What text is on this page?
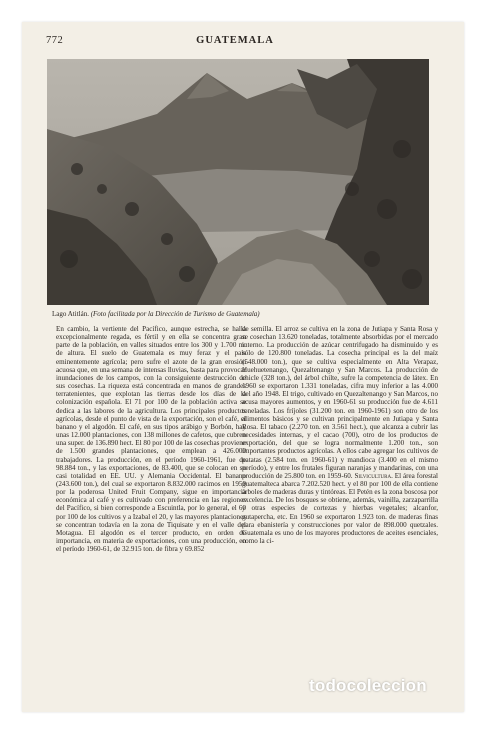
772	GUATEMALA
Lago Atitlán. (Foto facilitada por la Dirección de Turismo de Guatemala)
En cambio, la vertiente del Pacífico, aunque estrecha, se halla excepcionalmente regada, es fértil y en ella se concentra gran parte de la población, en valles situados entre los 300 y 1.700 m. de altura. El suelo de Guatemala es muy feraz y el país eminentemente agrícola; pero sufre el azote de la gran erosión acuosa que, en una semana de intensas lluvias, basta para provocar inundaciones de los campos, con la consiguiente destrucción de sus cosechas. La riqueza está concentrada en manos de grandes terratenientes, que explotan las tierras desde los días de la colonización española. El 71 por 100 de la población activa se dedica a las labores de la agricultura. Los principales productos agrícolas, desde el punto de vista de la exportación, son el café, el banano y el algodón. El café, en sus tipos arábigo y Borbón, hay unas 12.000 plantaciones, con 138 millones de cafetos, que cubren una super. de 136.890 hect. El 80 por 100 de las cosechas proviene de 1.500 grandes plantaciones, que emplean a 426.000 trabajadores. La producción, en el período 1960-1961, fue de 98.884 ton., y las exportaciones, de 83.400, que se colocan en su casi totalidad en EE. UU. y Alemania Occidental. El banano (243.600 ton.), del cual se exportaron 8.832.000 racimos en 1959 por la poderosa United Fruit Company, sigue en importancia económica al café y es cultivado con preferencia en las regiones del Pacífico, si bien corresponde a Escuintla, por lo general, el 60 por 100 de los cultivos y a Izabal el 20, y las mayores plantaciones se concentran todavía en la zona de Tiquisate y en el valle del Motagua. El algodón es el tercer producto, en orden de importancia, en materia de exportaciones, con una producción, en el período 1960-61, de 32.915 ton. de fibra y 69.852
de semilla. El arroz se cultiva en la zona de Jutiapa y Santa Rosa y se cosechan 13.620 toneladas, totalmente absorbidas por el mercado interno. La producción de azúcar centrifugado ha disminuido y es sólo de 120.800 toneladas. La cosecha principal es la del maíz (548.000 ton.), que se cultiva especialmente en Alta Verapaz, Huehuetenango, Quezaltenango y San Marcos. La producción de chicle (328 ton.), del árbol chilte, sufre la competencia de látex. En 1960 se exportaron 1.331 toneladas, cifra muy inferior a las 4.000 del año 1948. El trigo, cultivado en Quezaltenango y San Marcos, no acusa mayores aumentos, y en 1960-61 su producción fue de 4.611 toneladas. Los fríjoles (31.200 ton. en 1960-1961) son otro de los alimentos básicos y se cultivan principalmente en Jutiapa y Santa Rosa. El tabaco (2.270 ton. en 3.561 hect.), que alcanza a cubrir las necesidades internas, y el cacao (700), otro de los productos de exportación, del que se logra normalmente 1.200 ton., son importantes productos agrícolas. A ellos cabe agregar los cultivos de patatas (2.584 ton. en 1960-61) y mandioca (3.400 en el mismo período), y entre los frutales figuran naranjas y mandarinas, con una producción de 25.800 ton. en 1959-60. Silvicultura. El área forestal guatemalteca abarca 7.202.520 hect. y el 80 por 100 de ella contiene árboles de maderas duras y tintóreas. El Petén es la zona boscosa por excelencia. De los bosques se obtiene, además, vainilla, zarzaparrilla y otras especies de cortezas y hierbas vegetales; alcanfor, gutapercha, etc. En 1960 se exportaron 1.923 ton. de maderas finas para ebanistería y construcciones por valor de 898.000 quetzales. Guatemala es uno de los mayores productores de aceites esenciales, como la ci-
todocoleccion
